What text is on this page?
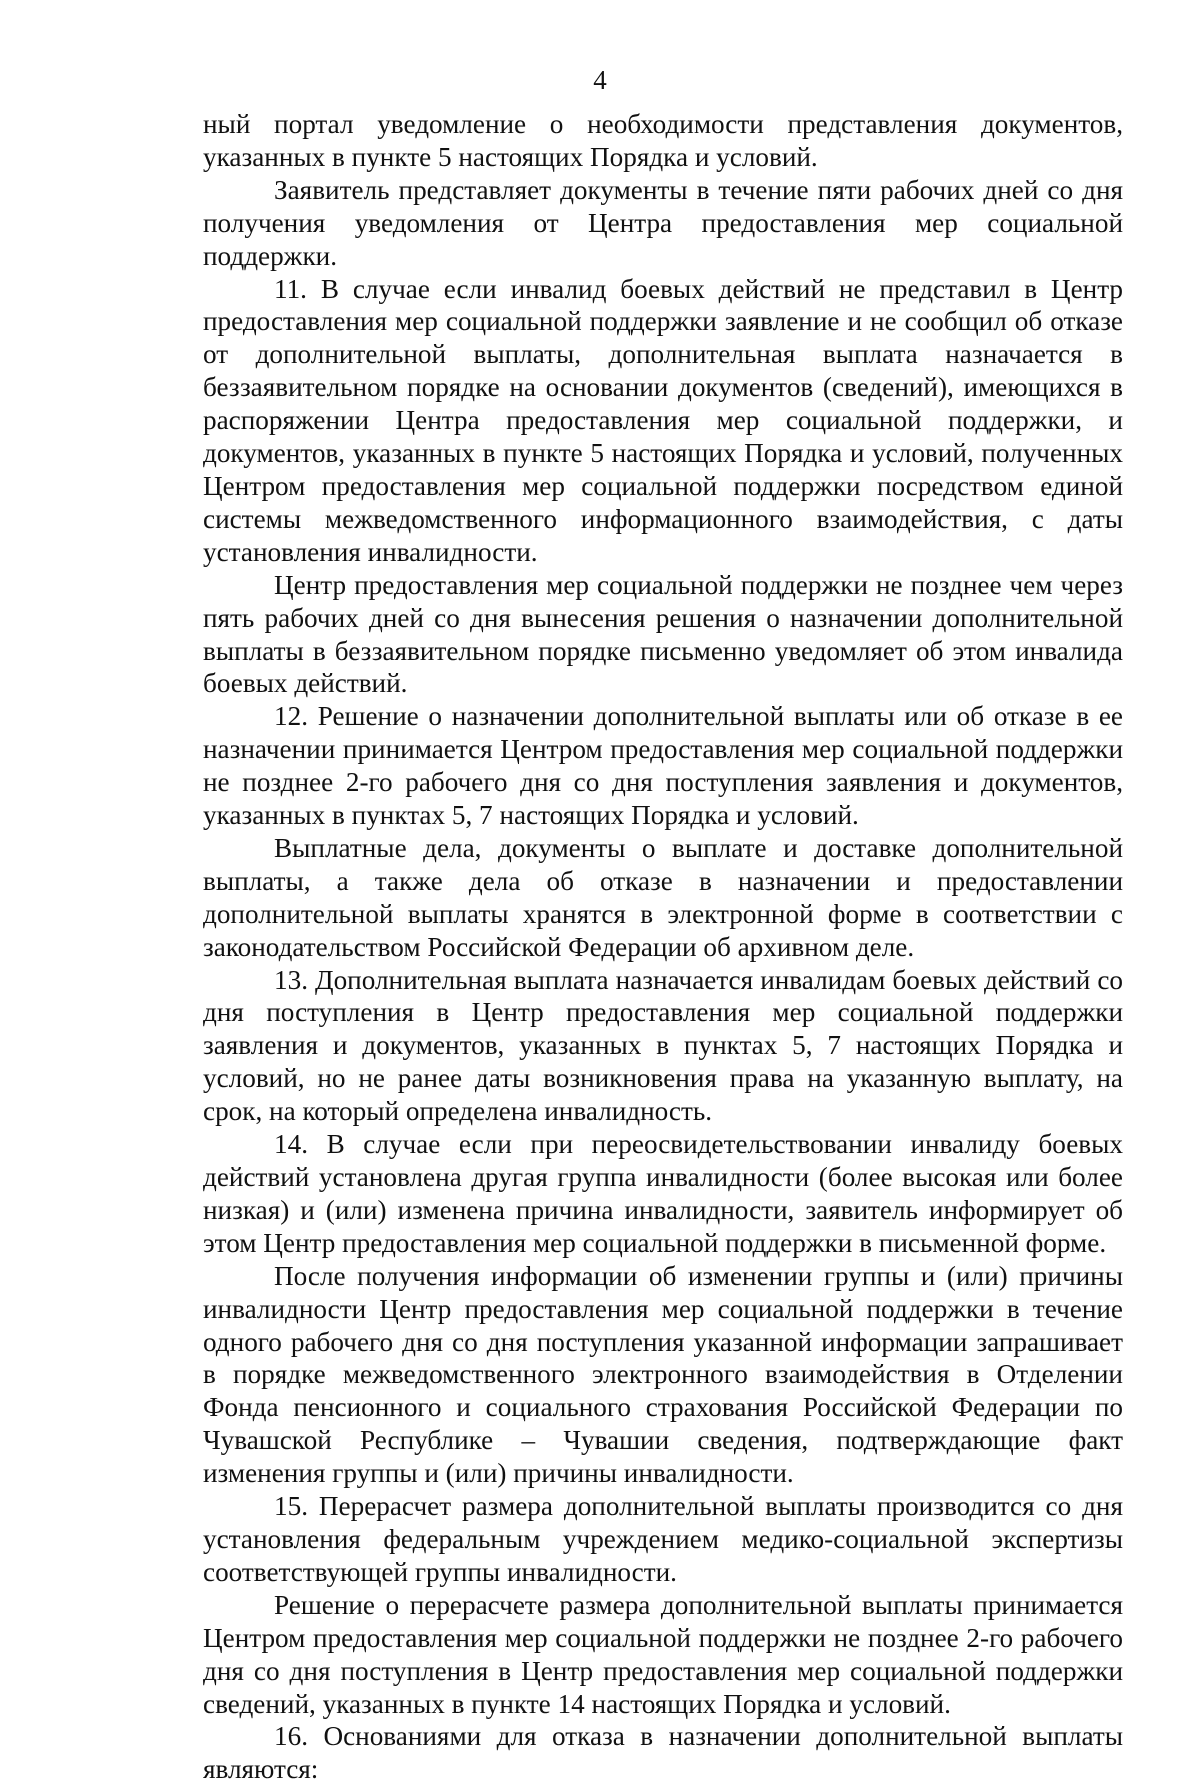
4

ный портал уведомление о необходимости представления документов, указанных в пункте 5 настоящих Порядка и условий.

Заявитель представляет документы в течение пяти рабочих дней со дня получения уведомления от Центра предоставления мер социальной поддержки.

11. В случае если инвалид боевых действий не представил в Центр предоставления мер социальной поддержки заявление и не сообщил об отказе от дополнительной выплаты, дополнительная выплата назначается в беззаявительном порядке на основании документов (сведений), имеющихся в распоряжении Центра предоставления мер социальной поддержки, и документов, указанных в пункте 5 настоящих Порядка и условий, полученных Центром предоставления мер социальной поддержки посредством единой системы межведомственного информационного взаимодействия, с даты установления инвалидности.

Центр предоставления мер социальной поддержки не позднее чем через пять рабочих дней со дня вынесения решения о назначении дополнительной выплаты в беззаявительном порядке письменно уведомляет об этом инвалида боевых действий.

12. Решение о назначении дополнительной выплаты или об отказе в ее назначении принимается Центром предоставления мер социальной поддержки не позднее 2-го рабочего дня со дня поступления заявления и документов, указанных в пунктах 5, 7 настоящих Порядка и условий.

Выплатные дела, документы о выплате и доставке дополнительной выплаты, а также дела об отказе в назначении и предоставлении дополнительной выплаты хранятся в электронной форме в соответствии с законодательством Российской Федерации об архивном деле.

13. Дополнительная выплата назначается инвалидам боевых действий со дня поступления в Центр предоставления мер социальной поддержки заявления и документов, указанных в пунктах 5, 7 настоящих Порядка и условий, но не ранее даты возникновения права на указанную выплату, на срок, на который определена инвалидность.

14. В случае если при переосвидетельствовании инвалиду боевых действий установлена другая группа инвалидности (более высокая или более низкая) и (или) изменена причина инвалидности, заявитель информирует об этом Центр предоставления мер социальной поддержки в письменной форме.

После получения информации об изменении группы и (или) причины инвалидности Центр предоставления мер социальной поддержки в течение одного рабочего дня со дня поступления указанной информации запрашивает в порядке межведомственного электронного взаимодействия в Отделении Фонда пенсионного и социального страхования Российской Федерации по Чувашской Республике – Чувашии сведения, подтверждающие факт изменения группы и (или) причины инвалидности.

15. Перерасчет размера дополнительной выплаты производится со дня установления федеральным учреждением медико-социальной экспертизы соответствующей группы инвалидности.

Решение о перерасчете размера дополнительной выплаты принимается Центром предоставления мер социальной поддержки не позднее 2-го рабочего дня со дня поступления в Центр предоставления мер социальной поддержки сведений, указанных в пункте 14 настоящих Порядка и условий.

16. Основаниями для отказа в назначении дополнительной выплаты являются:
